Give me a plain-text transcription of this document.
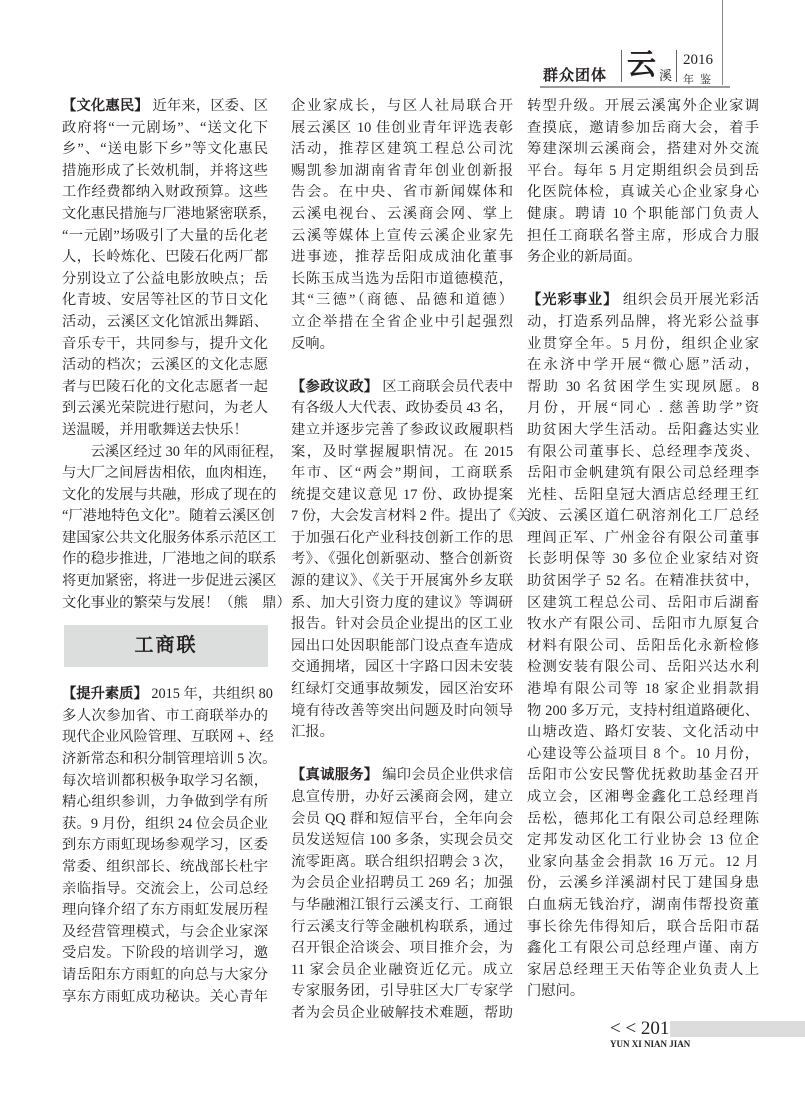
群众团体 云 溪
2016
年鉴
【文化惠民】 近年来，区委、区
政府将“一元剧场”、“送文化下
乡”、“送电影下乡”等文化惠民
措施形成了长效机制，并将这些
工作经费都纳入财政预算。这些
文化惠民措施与厂港地紧密联系，
“一元剧”场吸引了大量的岳化老
人，长岭炼化、巴陵石化两厂都
分别设立了公益电影放映点；岳
化青坡、安居等社区的节日文化
活动，云溪区文化馆派出舞蹈、
音乐专干，共同参与，提升文化
活动的档次；云溪区的文化志愿
者与巴陵石化的文化志愿者一起
到云溪光荣院进行慰问，为老人
送温暖，并用歌舞送去快乐！
云溪区经过 30 年的风雨征程，
与大厂之间唇齿相依，血肉相连，
文化的发展与共融，形成了现在的
“厂港地特色文化”。随着云溪区创
建国家公共文化服务体系示范区工
作的稳步推进，厂港地之间的联系
将更加紧密，将进一步促进云溪区
文化事业的繁荣与发展！（熊　鼎）
工商联
【提升素质】 2015 年，共组织 80
多人次参加省、市工商联举办的
现代企业风险管理、互联网 +、经
济新常态和积分制管理培训 5 次。
每次培训都积极争取学习名额，
精心组织参训，力争做到学有所
获。9 月份，组织 24 位会员企业
到东方雨虹现场参观学习，区委
常委、组织部长、统战部长杜宇
亲临指导。交流会上，公司总经
理向锋介绍了东方雨虹发展历程
及经营管理模式，与会企业家深
受启发。下阶段的培训学习，邀
请岳阳东方雨虹的向总与大家分
享东方雨虹成功秘诀。关心青年
企业家成长，与区人社局联合开
展云溪区 10 佳创业青年评选表彰
活动，推荐区建筑工程总公司沈
赐凯参加湖南省青年创业创新报
告会。在中央、省市新闻媒体和
云溪电视台、云溪商会网、掌上
云溪等媒体上宣传云溪企业家先
进事迹，推荐岳阳成成油化董事
长陈玉成当选为岳阳市道德模范，
其“三德”（商德、品德和道德）
立企举措在全省企业中引起强烈
反响。
【参政议政】 区工商联会员代表中
有各级人大代表、政协委员 43 名，
建立并逐步完善了参政议政履职档
案，及时掌握履职情况。在 2015
年市、区“两会”期间，工商联系
统提交建议意见 17 份、政协提案
7 份，大会发言材料 2 件。提出了《关
于加强石化产业科技创新工作的思
考》、《强化创新驱动、整合创新资
源的建议》、《关于开展寓外乡友联
系、加大引资力度的建议》等调研
报告。针对会员企业提出的区工业
园出口处因职能部门设点查车造成
交通拥堵，园区十字路口因未安装
红绿灯交通事故频发，园区治安环
境有待改善等突出问题及时向领导
汇报。
【真诚服务】 编印会员企业供求信
息宣传册，办好云溪商会网，建立
会员 QQ 群和短信平台，全年向会
员发送短信 100 多条，实现会员交
流零距离。联合组织招聘会 3 次，
为会员企业招聘员工 269 名；加强
与华融湘江银行云溪支行、工商银
行云溪支行等金融机构联系，通过
召开银企洽谈会、项目推介会，为
11 家会员企业融资近亿元。成立
专家服务团，引导驻区大厂专家学
者为会员企业破解技术难题，帮助
转型升级。开展云溪寓外企业家调
查摸底，邀请参加岳商大会，着手
筹建深圳云溪商会，搭建对外交流
平台。每年 5 月定期组织会员到岳
化医院体检，真诚关心企业家身心
健康。聘请 10 个职能部门负责人
担任工商联名誉主席，形成合力服
务企业的新局面。
【光彩事业】 组织会员开展光彩活
动，打造系列品牌，将光彩公益事
业贯穿全年。5 月份，组织企业家
在永济中学开展“微心愿”活动，
帮助 30 名贫困学生实现夙愿。8
月份，开展“同心 . 慈善助学”资
助贫困大学生活动。岳阳鑫达实业
有限公司董事长、总经理李茂炎、
岳阳市金帆建筑有限公司总经理李
光桂、岳阳皇冠大酒店总经理王红
波、云溪区道仁矾溶剂化工厂总经
理闾正军、广州金谷有限公司董事
长彭明保等 30 多位企业家结对资
助贫困学子 52 名。在精准扶贫中，
区建筑工程总公司、岳阳市后湖畜
牧水产有限公司、岳阳市九原复合
材料有限公司、岳阳岳化永新检修
检测安装有限公司、岳阳兴达水利
港埠有限公司等 18 家企业捐款捐
物 200 多万元，支持村组道路硬化、
山塘改造、路灯安装、文化活动中
心建设等公益项目 8 个。10 月份，
岳阳市公安民警优抚救助基金召开
成立会，区湘粤金鑫化工总经理肖
岳松，德邦化工有限公司总经理陈
定邦发动区化工行业协会 13 位企
业家向基金会捐款 16 万元。12 月
份，云溪乡洋溪湖村民丁建国身患
白血病无钱治疗，湖南伟帮投资董
事长徐先伟得知后，联合岳阳市磊
鑫化工有限公司总经理卢谨、南方
家居总经理王天佑等企业负责人上
门慰问。
< < 201
YUN XI NIAN JIAN
